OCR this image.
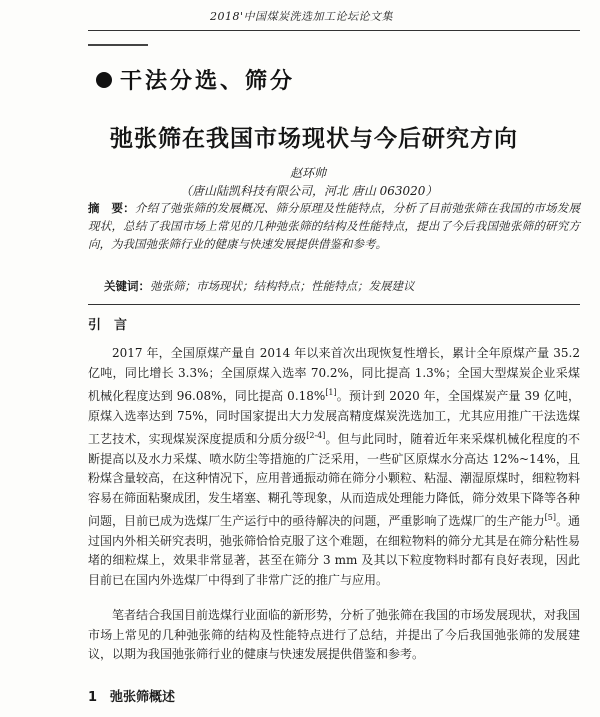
2018'中国煤炭洗选加工论坛论文集
干法分选、筛分
弛张筛在我国市场现状与今后研究方向
赵环帅
（唐山陆凯科技有限公司，河北 唐山 063020）
摘　要：介绍了弛张筛的发展概况、筛分原理及性能特点，分析了目前弛张筛在我国的市场发展现状，总结了我国市场上常见的几种弛张筛的结构及性能特点，提出了今后我国弛张筛的研究方向，为我国弛张筛行业的健康与快速发展提供借鉴和参考。
关键词：弛张筛；市场现状；结构特点；性能特点；发展建议
引　言

2017 年，全国原煤产量自 2014 年以来首次出现恢复性增长，累计全年原煤产量 35.2 亿吨，同比增长 3.3%；全国原煤入选率 70.2%，同比提高 1.3%；全国大型煤炭企业采煤机械化程度达到 96.08%，同比提高 0.18%[1]。预计到 2020 年，全国煤炭产量 39 亿吨，原煤入选率达到 75%，同时国家提出大力发展高精度煤炭洗选加工，尤其应用推广干法选煤工艺技术，实现煤炭深度提质和分质分级[2-4]。但与此同时，随着近年来采煤机械化程度的不断提高以及水力采煤、喷水防尘等措施的广泛采用，一些矿区原煤水分高达 12%~14%，且粉煤含量较高，在这种情况下，应用普通振动筛在筛分小颗粒、粘湿、潮湿原煤时，细粒物料容易在筛面粘聚成团，发生堵塞、糊孔等现象，从而造成处理能力降低，筛分效果下降等各种问题，目前已成为选煤厂生产运行中的亟待解决的问题，严重影响了选煤厂的生产能力[5]。通过国内外相关研究表明，弛张筛恰恰克服了这个难题，在细粒物料的筛分尤其是在筛分粘性易堵的细粒煤上，效果非常显著，甚至在筛分 3 mm 及其以下粒度物料时都有良好表现，因此目前已在国内外选煤厂中得到了非常广泛的推广与应用。

笔者结合我国目前选煤行业面临的新形势，分析了弛张筛在我国的市场发展现状，对我国市场上常见的几种弛张筛的结构及性能特点进行了总结，并提出了今后我国弛张筛的发展建议，以期为我国弛张筛行业的健康与快速发展提供借鉴和参考。

1　弛张筛概述
